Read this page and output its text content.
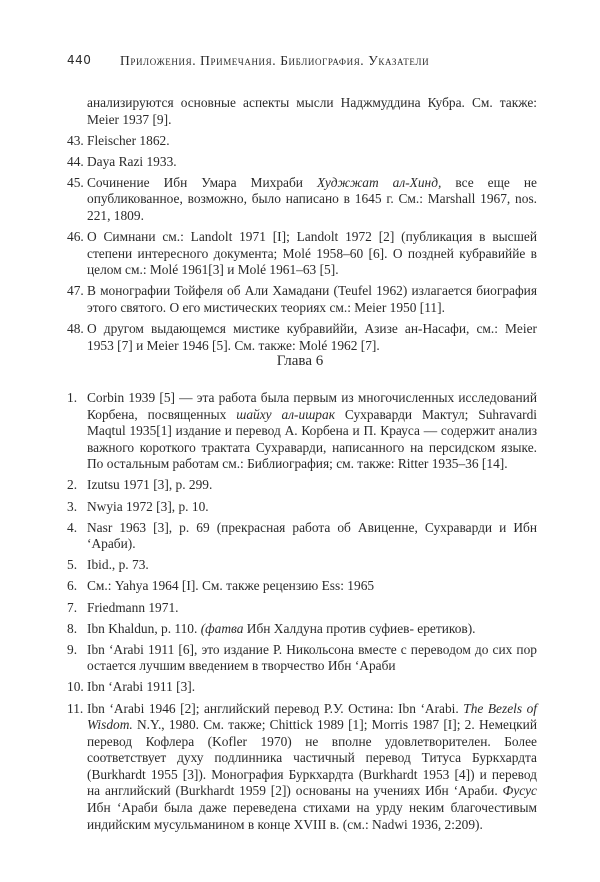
440 Приложения. Примечания. Библиография. Указатели
анализируются основные аспекты мысли Наджмуддина Кубра. См. также: Meier 1937 [9].
43. Fleischer 1862.
44. Daya Razi 1933.
45. Сочинение Ибн Умара Михраби Худжжат ал-Хинд, все еще не опубликованное, возможно, было написано в 1645 г. См.: Marshall 1967, nos. 221, 1809.
46. О Симнани см.: Landolt 1971 [I]; Landolt 1972 [2] (публикация в высшей степени интересного документа; Molé 1958–60 [6]. О поздней кубравиййе в целом см.: Molé 1961[3] и Molé 1961–63 [5].
47. В монографии Тойфеля об Али Хамадани (Teufel 1962) излагается биография этого святого. О его мистических теориях см.: Meier 1950 [11].
48. О другом выдающемся мистике кубравиййи, Азизе ан-Насафи, см.: Meier 1953 [7] и Meier 1946 [5]. См. также: Molé 1962 [7].
Глава 6
1. Corbin 1939 [5] — эта работа была первым из многочисленных исследований Корбена, посвященных шайху ал-ишрак Сухраварди Мактул; Suhravardi Maqtul 1935[1] издание и перевод А. Корбена и П. Крауса — содержит анализ важного короткого трактата Сухраварди, написанного на персидском языке. По остальным работам см.: Библиография; см. также: Ritter 1935–36 [14].
2. Izutsu 1971 [3], p. 299.
3. Nwyia 1972 [3], p. 10.
4. Nasr 1963 [3], p. 69 (прекрасная работа об Авиценне, Сухраварди и Ибн ‘Араби).
5. Ibid., p. 73.
6. См.: Yahya 1964 [I]. См. также рецензию Ess: 1965
7. Friedmann 1971.
8. Ibn Khaldun, p. 110. (фатва Ибн Халдуна против суфиев- еретиков).
9. Ibn ‘Arabi 1911 [6], это издание Р. Никольсона вместе с переводом до сих пор остается лучшим введением в творчество Ибн ‘Араби
10. Ibn ‘Arabi 1911 [3].
11. Ibn ‘Arabi 1946 [2]; английский перевод Р.У. Остина: Ibn ‘Arabi. The Bezels of Wisdom. N.Y., 1980. См. также; Chittick 1989 [1]; Morris 1987 [I]; 2. Немецкий перевод Кофлера (Kofler 1970) не вполне удовлетворителен. Более соответствует духу подлинника частичный перевод Титуса Буркхардта (Burkhardt 1955 [3]). Монография Буркхардта (Burkhardt 1953 [4]) и перевод на английский (Burkhardt 1959 [2]) основаны на учениях Ибн ‘Араби. Фусус Ибн ‘Араби была даже переведена стихами на урду неким благочестивым индийским мусульманином в конце XVIII в. (см.: Nadwi 1936, 2:209).
